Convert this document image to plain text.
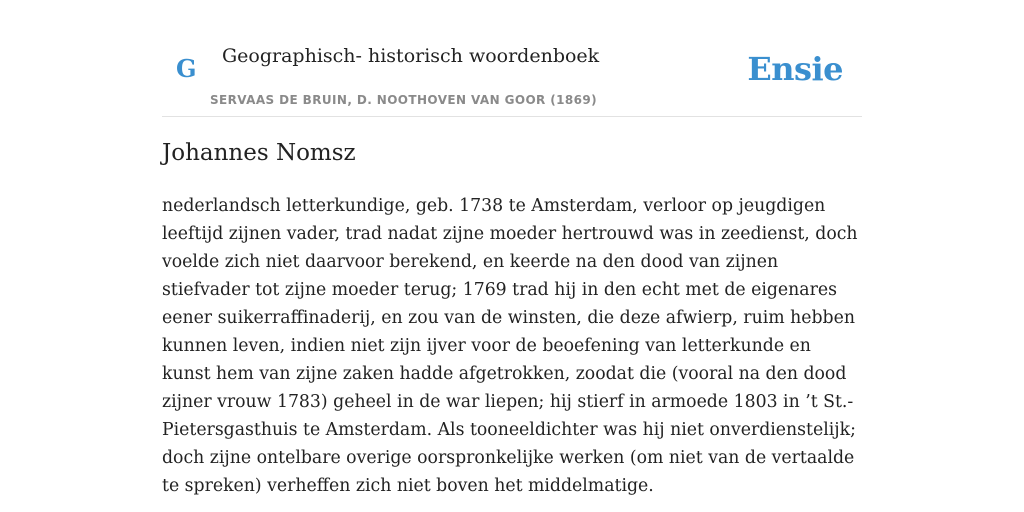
G Geographisch- historisch woordenboek
SERVAAS DE BRUIN, D. NOOTHOVEN VAN GOOR (1869)
Ensie
Johannes Nomsz

nederlandsch letterkundige, geb. 1738 te Amsterdam, verloor op jeugdigen leeftijd zijnen vader, trad nadat zijne moeder hertrouwd was in zeedienst, doch voelde zich niet daarvoor berekend, en keerde na den dood van zijnen stiefvader tot zijne moeder terug; 1769 trad hij in den echt met de eigenares eener suikerraffinaderij, en zou van de winsten, die deze afwierp, ruim hebben kunnen leven, indien niet zijn ijver voor de beoefening van letterkunde en kunst hem van zijne zaken hadde afgetrokken, zoodat die (vooral na den dood zijner vrouw 1783) geheel in de war liepen; hij stierf in armoede 1803 in ’t St.-Pietersgasthuis te Amsterdam. Als tooneeldichter was hij niet onverdienstelijk; doch zijne ontelbare overige oorspronkelijke werken (om niet van de vertaalde te spreken) verheffen zich niet boven het middelmatige.
